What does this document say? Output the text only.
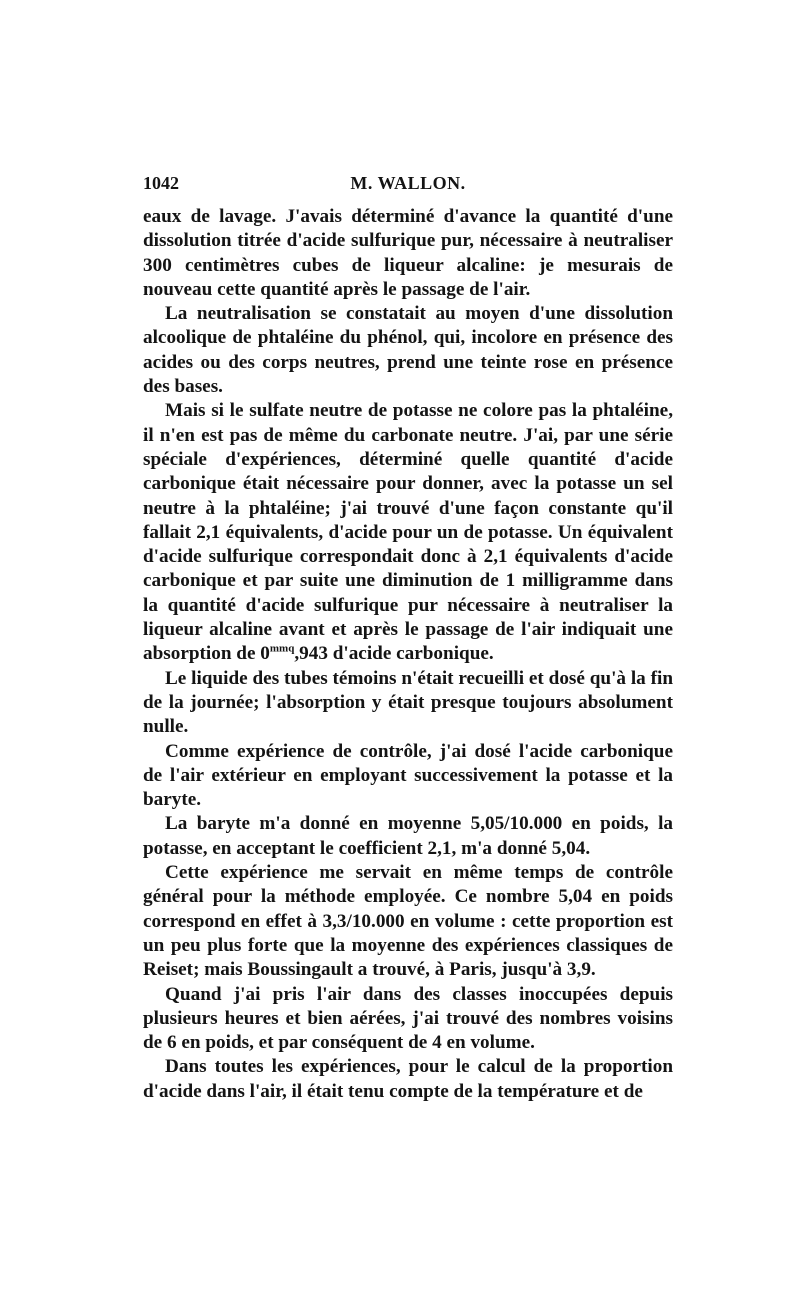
1042	M. WALLON.

eaux de lavage. J'avais déterminé d'avance la quantité d'une dissolution titrée d'acide sulfurique pur, nécessaire à neutraliser 300 centimètres cubes de liqueur alcaline: je mesurais de nouveau cette quantité après le passage de l'air.

La neutralisation se constatait au moyen d'une dissolution alcoolique de phtaléine du phénol, qui, incolore en présence des acides ou des corps neutres, prend une teinte rose en présence des bases.

Mais si le sulfate neutre de potasse ne colore pas la phtaléine, il n'en est pas de même du carbonate neutre. J'ai, par une série spéciale d'expériences, déterminé quelle quantité d'acide carbonique était nécessaire pour donner, avec la potasse un sel neutre à la phtaléine; j'ai trouvé d'une façon constante qu'il fallait 2,1 équivalents, d'acide pour un de potasse. Un équivalent d'acide sulfurique correspondait donc à 2,1 équivalents d'acide carbonique et par suite une diminution de 1 milligramme dans la quantité d'acide sulfurique pur nécessaire à neutraliser la liqueur alcaline avant et après le passage de l'air indiquait une absorption de $0^{mmq},943$ d'acide carbonique.

Le liquide des tubes témoins n'était recueilli et dosé qu'à la fin de la journée; l'absorption y était presque toujours absolument nulle.

Comme expérience de contrôle, j'ai dosé l'acide carbonique de l'air extérieur en employant successivement la potasse et la baryte.

La baryte m'a donné en moyenne 5,05/10.000 en poids, la potasse, en acceptant le coefficient 2,1, m'a donné 5,04.

Cette expérience me servait en même temps de contrôle général pour la méthode employée. Ce nombre 5,04 en poids correspond en effet à 3,3/10.000 en volume : cette proportion est un peu plus forte que la moyenne des expériences classiques de Reiset; mais Boussingault a trouvé, à Paris, jusqu'à 3,9.

Quand j'ai pris l'air dans des classes inoccupées depuis plusieurs heures et bien aérées, j'ai trouvé des nombres voisins de 6 en poids, et par conséquent de 4 en volume.

Dans toutes les expériences, pour le calcul de la proportion d'acide dans l'air, il était tenu compte de la température et de
